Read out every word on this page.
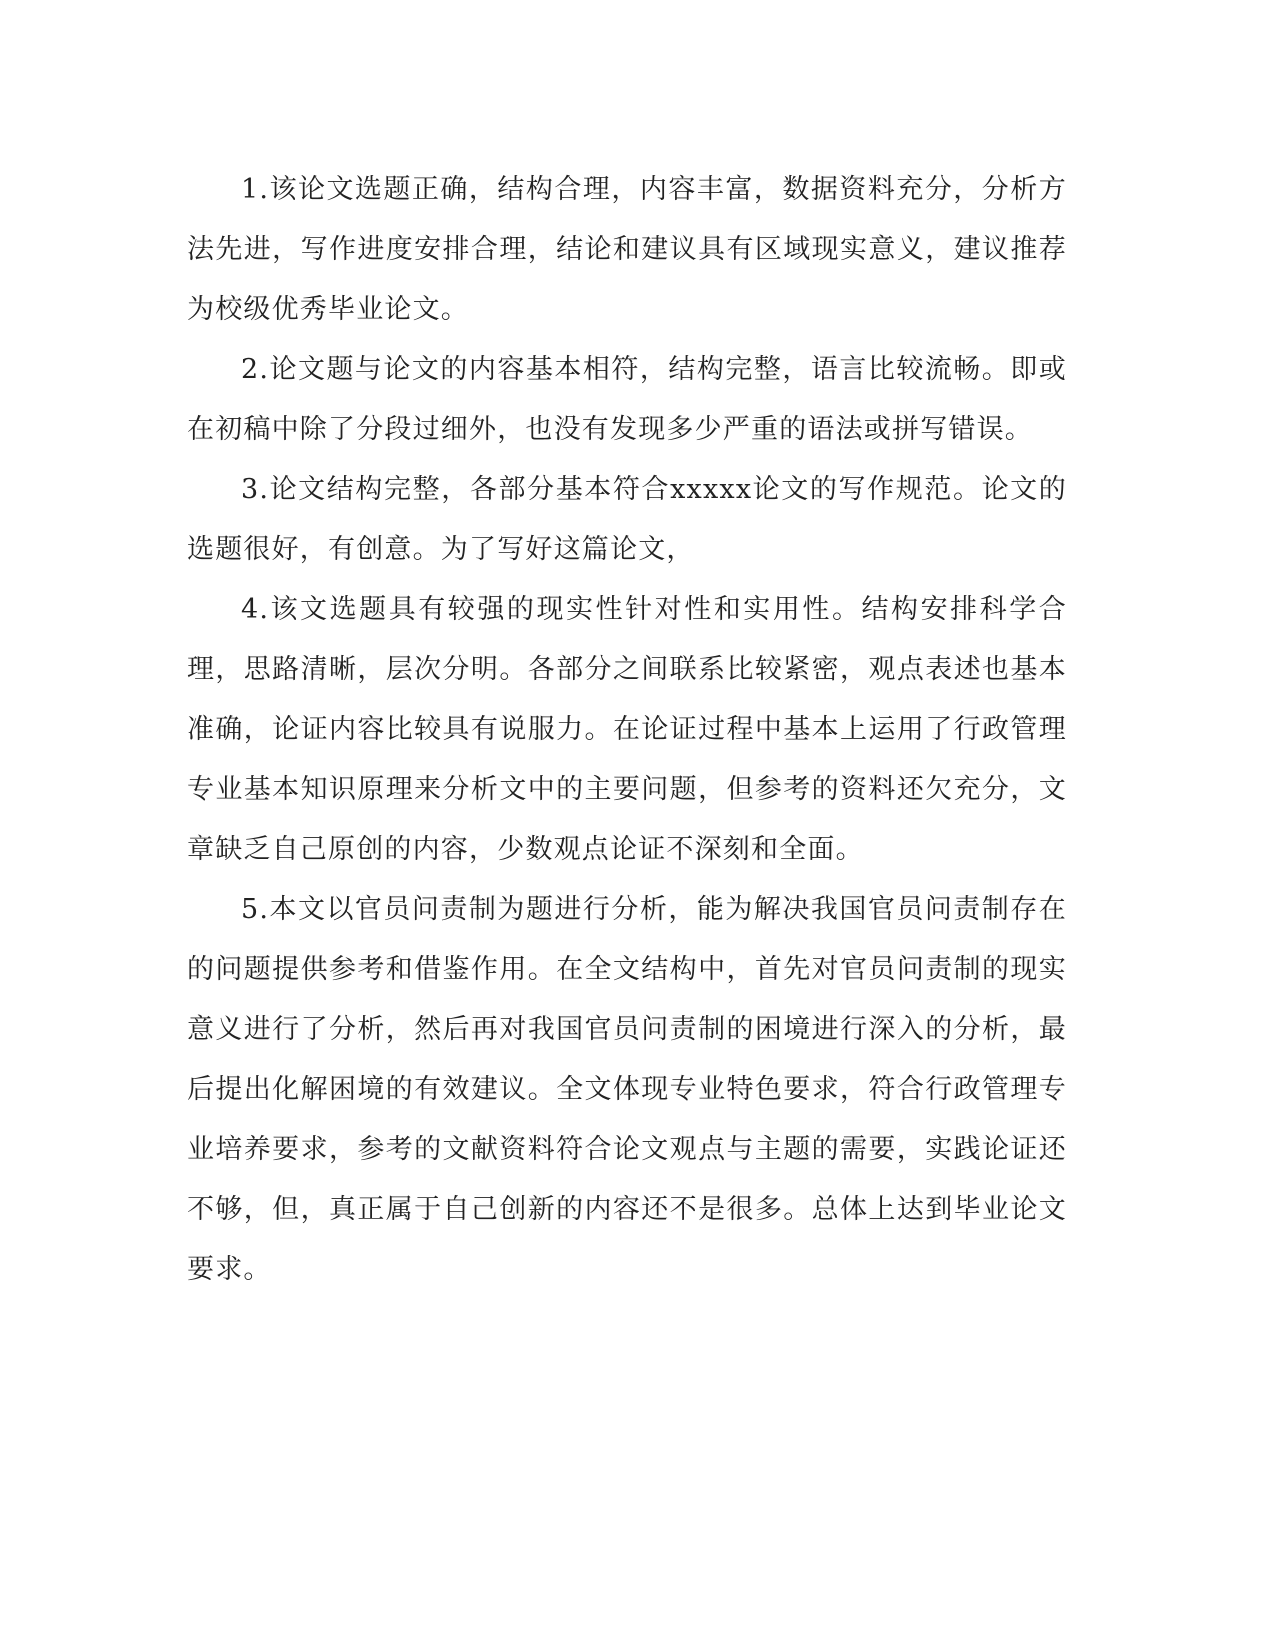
1.该论文选题正确，结构合理，内容丰富，数据资料充分，分析方法先进，写作进度安排合理，结论和建议具有区域现实意义，建议推荐为校级优秀毕业论文。

2.论文题与论文的内容基本相符，结构完整，语言比较流畅。即或在初稿中除了分段过细外，也没有发现多少严重的语法或拼写错误。

3.论文结构完整，各部分基本符合xxxxx论文的写作规范。论文的选题很好，有创意。为了写好这篇论文，

4.该文选题具有较强的现实性针对性和实用性。结构安排科学合理，思路清晰，层次分明。各部分之间联系比较紧密，观点表述也基本准确，论证内容比较具有说服力。在论证过程中基本上运用了行政管理专业基本知识原理来分析文中的主要问题，但参考的资料还欠充分，文章缺乏自己原创的内容，少数观点论证不深刻和全面。

5.本文以官员问责制为题进行分析，能为解决我国官员问责制存在的问题提供参考和借鉴作用。在全文结构中，首先对官员问责制的现实意义进行了分析，然后再对我国官员问责制的困境进行深入的分析，最后提出化解困境的有效建议。全文体现专业特色要求，符合行政管理专业培养要求，参考的文献资料符合论文观点与主题的需要，实践论证还不够，但，真正属于自己创新的内容还不是很多。总体上达到毕业论文要求。
